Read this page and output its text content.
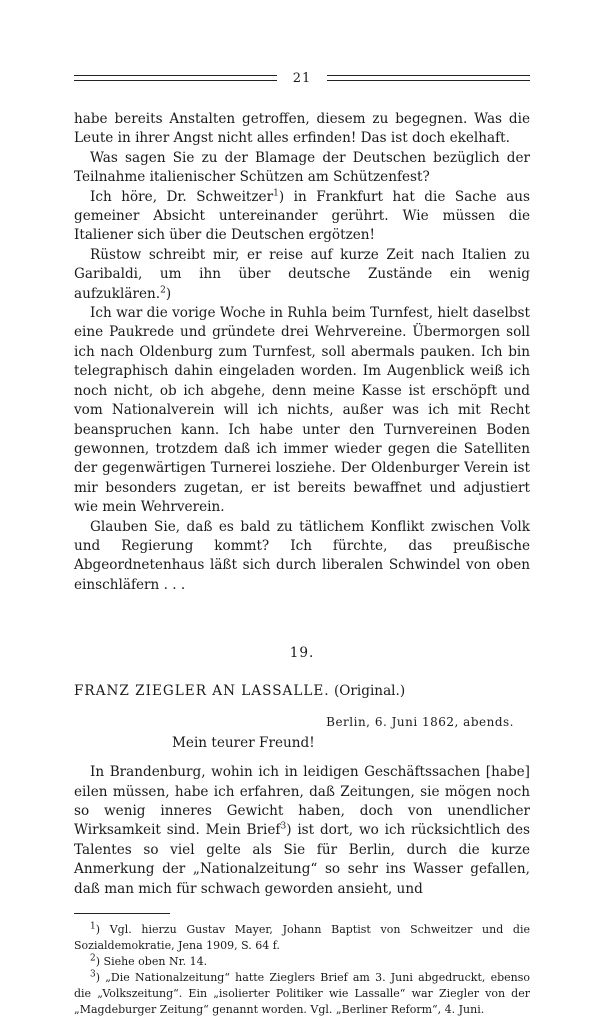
21

habe bereits Anstalten getroffen, diesem zu begegnen. Was die Leute in ihrer Angst nicht alles erfinden! Das ist doch ekelhaft.

Was sagen Sie zu der Blamage der Deutschen bezüglich der Teilnahme italienischer Schützen am Schützenfest?

Ich höre, Dr. Schweitzer$^1$) in Frankfurt hat die Sache aus gemeiner Absicht untereinander gerührt. Wie müssen die Italiener sich über die Deutschen ergötzen!

Rüstow schreibt mir, er reise auf kurze Zeit nach Italien zu Garibaldi, um ihn über deutsche Zustände ein wenig aufzuklären.$^2$)

Ich war die vorige Woche in Ruhla beim Turnfest, hielt daselbst eine Paukrede und gründete drei Wehrvereine. Übermorgen soll ich nach Oldenburg zum Turnfest, soll abermals pauken. Ich bin telegraphisch dahin eingeladen worden. Im Augenblick weiß ich noch nicht, ob ich abgehe, denn meine Kasse ist erschöpft und vom Nationalverein will ich nichts, außer was ich mit Recht beanspruchen kann. Ich habe unter den Turnvereinen Boden gewonnen, trotzdem daß ich immer wieder gegen die Satelliten der gegenwärtigen Turnerei losziehe. Der Oldenburger Verein ist mir besonders zugetan, er ist bereits bewaffnet und adjustiert wie mein Wehrverein.

Glauben Sie, daß es bald zu tätlichem Konflikt zwischen Volk und Regierung kommt? Ich fürchte, das preußische Abgeordnetenhaus läßt sich durch liberalen Schwindel von oben einschläfern . . .

19.
FRANZ ZIEGLER AN LASSALLE. (Original.)
Berlin, 6. Juni 1862, abends.
Mein teurer Freund!

In Brandenburg, wohin ich in leidigen Geschäftssachen [habe] eilen müssen, habe ich erfahren, daß Zeitungen, sie mögen noch so wenig inneres Gewicht haben, doch von unendlicher Wirksamkeit sind. Mein Brief$^3$) ist dort, wo ich rücksichtlich des Talentes so viel gelte als Sie für Berlin, durch die kurze Anmerkung der „Nationalzeitung“ so sehr ins Wasser gefallen, daß man mich für schwach geworden ansieht, und

$^1$) Vgl. hierzu Gustav Mayer, Johann Baptist von Schweitzer und die Sozialdemokratie, Jena 1909, S. 64 f.

$^2$) Siehe oben Nr. 14.

$^3$) „Die Nationalzeitung“ hatte Zieglers Brief am 3. Juni abgedruckt, ebenso die „Volkszeitung“. Ein „isolierter Politiker wie Lassalle“ war Ziegler von der „Magdeburger Zeitung“ genannt worden. Vgl. „Berliner Reform“, 4. Juni.
